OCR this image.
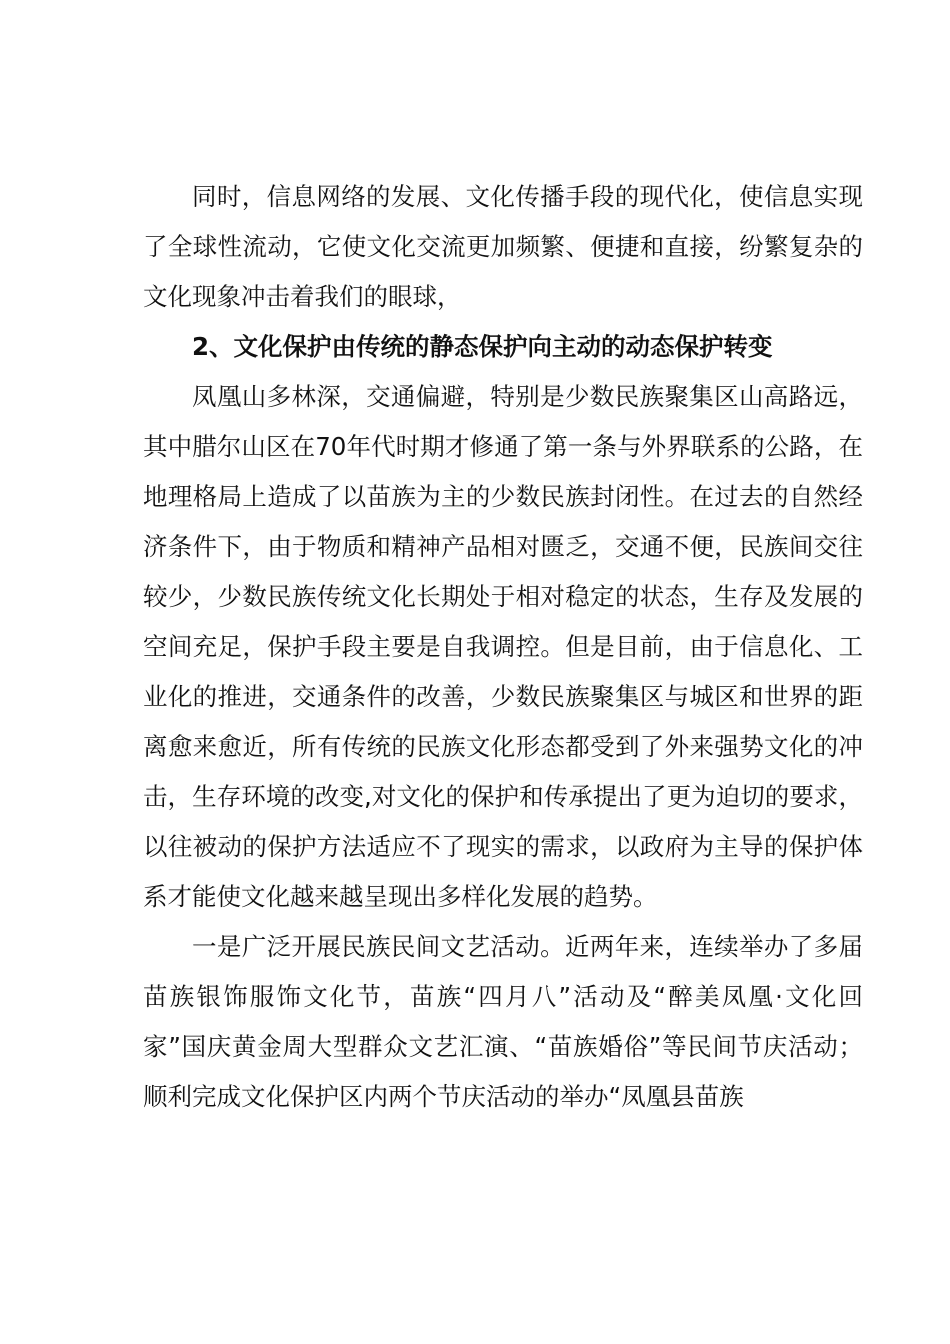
同时，信息网络的发展、文化传播手段的现代化，使信息实现了全球性流动，它使文化交流更加频繁、便捷和直接，纷繁复杂的文化现象冲击着我们的眼球，

2、文化保护由传统的静态保护向主动的动态保护转变

凤凰山多林深，交通偏避，特别是少数民族聚集区山高路远，其中腊尔山区在70年代时期才修通了第一条与外界联系的公路，在地理格局上造成了以苗族为主的少数民族封闭性。在过去的自然经济条件下，由于物质和精神产品相对匮乏，交通不便，民族间交往较少，少数民族传统文化长期处于相对稳定的状态，生存及发展的空间充足，保护手段主要是自我调控。但是目前，由于信息化、工业化的推进，交通条件的改善，少数民族聚集区与城区和世界的距离愈来愈近，所有传统的民族文化形态都受到了外来强势文化的冲击，生存环境的改变,对文化的保护和传承提出了更为迫切的要求，以往被动的保护方法适应不了现实的需求，以政府为主导的保护体系才能使文化越来越呈现出多样化发展的趋势。

一是广泛开展民族民间文艺活动。近两年来，连续举办了多届苗族银饰服饰文化节，苗族“四月八”活动及“醉美凤凰·文化回家”国庆黄金周大型群众文艺汇演、“苗族婚俗”等民间节庆活动；顺利完成文化保护区内两个节庆活动的举办“凤凰县苗族
